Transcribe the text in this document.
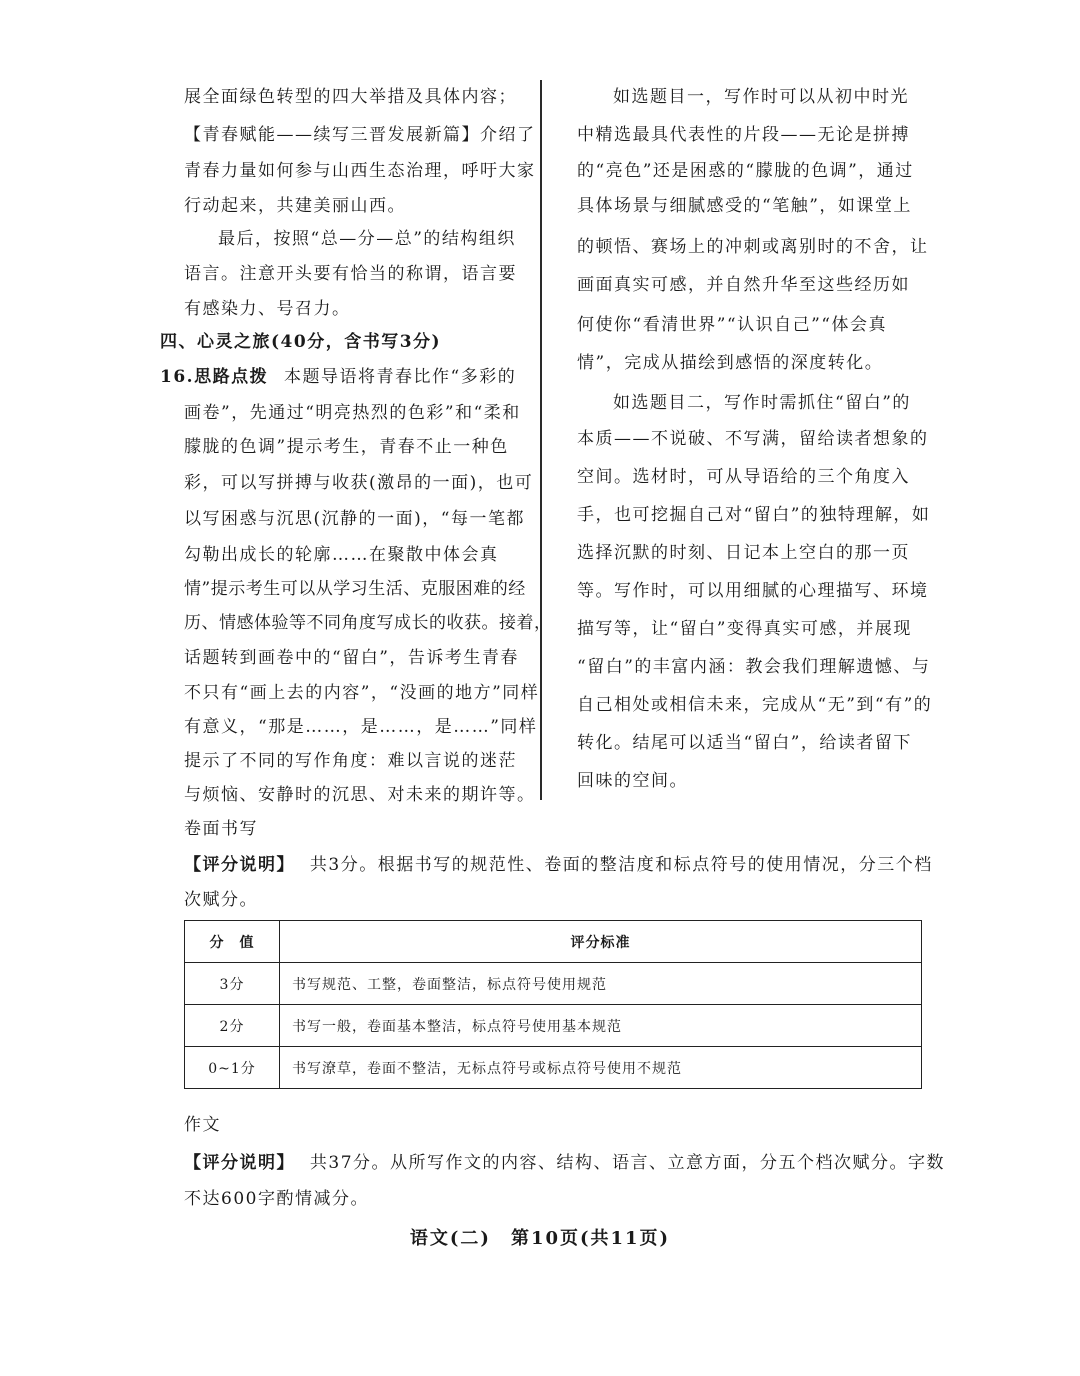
展全面绿色转型的四大举措及具体内容；
【青春赋能——续写三晋发展新篇】介绍了
青春力量如何参与山西生态治理，呼吁大家
行动起来，共建美丽山西。
最后，按照“总—分—总”的结构组织
语言。注意开头要有恰当的称谓，语言要
有感染力、号召力。
四、心灵之旅(40分，含书写3分)
16.思路点拨 本题导语将青春比作“多彩的
画卷”，先通过“明亮热烈的色彩”和“柔和
朦胧的色调”提示考生，青春不止一种色
彩，可以写拼搏与收获(激昂的一面)，也可
以写困惑与沉思(沉静的一面)，“每一笔都
勾勒出成长的轮廓……在聚散中体会真
情”提示考生可以从学习生活、克服困难的经
历、情感体验等不同角度写成长的收获。接着，
话题转到画卷中的“留白”，告诉考生青春
不只有“画上去的内容”，“没画的地方”同样
有意义，“那是……，是……，是……”同样
提示了不同的写作角度：难以言说的迷茫
与烦恼、安静时的沉思、对未来的期许等。
如选题目一，写作时可以从初中时光
中精选最具代表性的片段——无论是拼搏
的“亮色”还是困惑的“朦胧的色调”，通过
具体场景与细腻感受的“笔触”，如课堂上
的顿悟、赛场上的冲刺或离别时的不舍，让
画面真实可感，并自然升华至这些经历如
何使你“看清世界”“认识自己”“体会真
情”，完成从描绘到感悟的深度转化。
如选题目二，写作时需抓住“留白”的
本质——不说破、不写满，留给读者想象的
空间。选材时，可从导语给的三个角度入
手，也可挖掘自己对“留白”的独特理解，如
选择沉默的时刻、日记本上空白的那一页
等。写作时，可以用细腻的心理描写、环境
描写等，让“留白”变得真实可感，并展现
“留白”的丰富内涵：教会我们理解遗憾、与
自己相处或相信未来，完成从“无”到“有”的
转化。结尾可以适当“留白”，给读者留下
回味的空间。
卷面书写
【评分说明】 共3分。根据书写的规范性、卷面的整洁度和标点符号的使用情况，分三个档
次赋分。
分　值	评分标准
3分	书写规范、工整，卷面整洁，标点符号使用规范
2分	书写一般，卷面基本整洁，标点符号使用基本规范
0~1分	书写潦草，卷面不整洁，无标点符号或标点符号使用不规范
作文
【评分说明】 共37分。从所写作文的内容、结构、语言、立意方面，分五个档次赋分。字数
不达600字酌情减分。
语文(二)　第10页(共11页)
